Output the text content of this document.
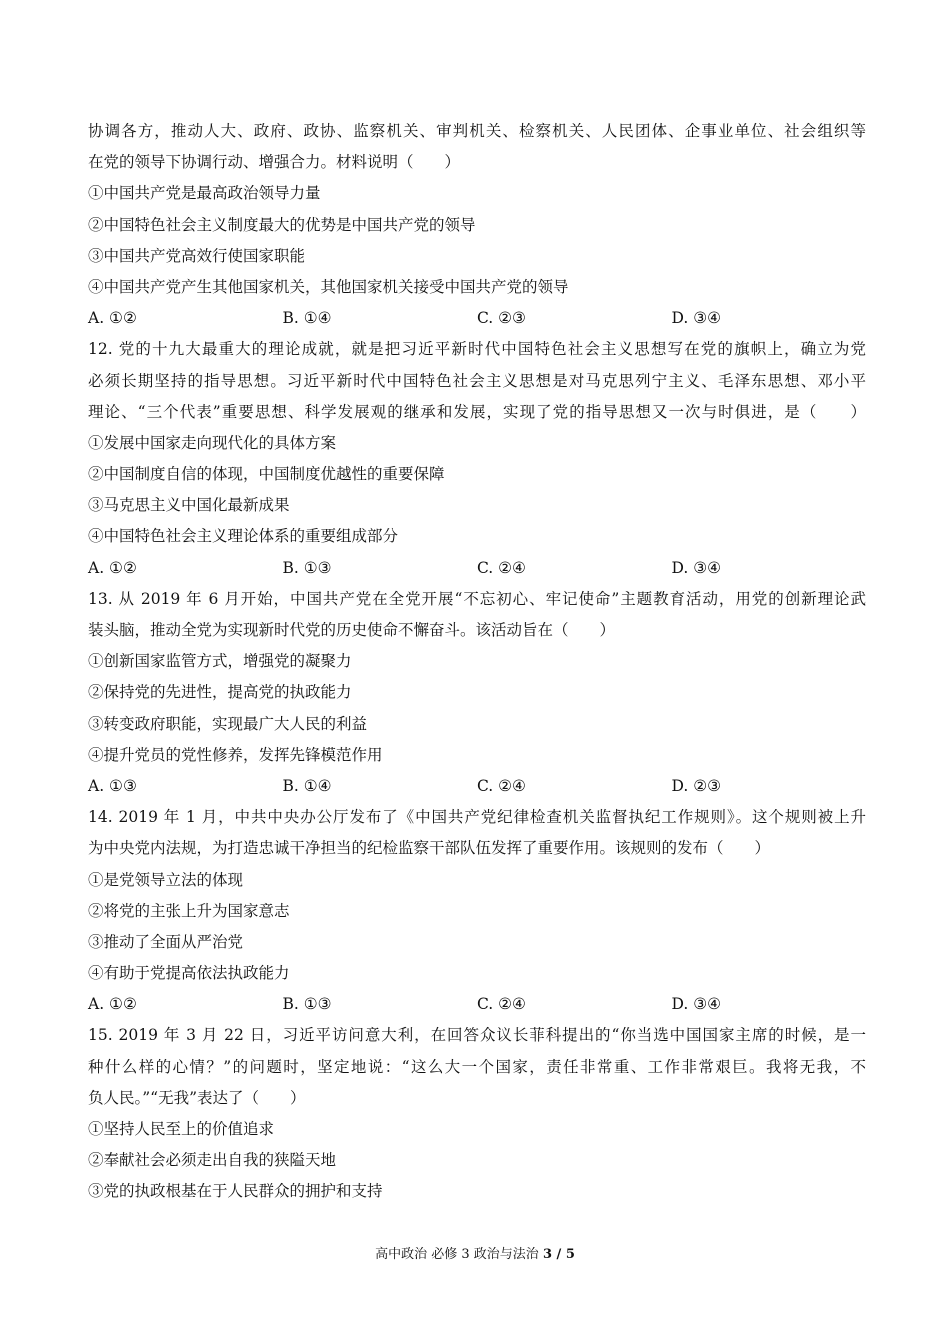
协调各方，推动人大、政府、政协、监察机关、审判机关、检察机关、人民团体、企事业单位、社会组织等
在党的领导下协调行动、增强合力。材料说明（　　）
①中国共产党是最高政治领导力量
②中国特色社会主义制度最大的优势是中国共产党的领导
③中国共产党高效行使国家职能
④中国共产党产生其他国家机关，其他国家机关接受中国共产党的领导
A. ①②	B. ①④	C. ②③	D. ③④
12. 党的十九大最重大的理论成就，就是把习近平新时代中国特色社会主义思想写在党的旗帜上，确立为党
必须长期坚持的指导思想。习近平新时代中国特色社会主义思想是对马克思列宁主义、毛泽东思想、邓小平
理论、“三个代表”重要思想、科学发展观的继承和发展，实现了党的指导思想又一次与时俱进，是（　　）
①发展中国家走向现代化的具体方案
②中国制度自信的体现，中国制度优越性的重要保障
③马克思主义中国化最新成果
④中国特色社会主义理论体系的重要组成部分
A. ①②	B. ①③	C. ②④	D. ③④
13. 从 2019 年 6 月开始，中国共产党在全党开展“不忘初心、牢记使命”主题教育活动，用党的创新理论武
装头脑，推动全党为实现新时代党的历史使命不懈奋斗。该活动旨在（　　）
①创新国家监管方式，增强党的凝聚力
②保持党的先进性，提高党的执政能力
③转变政府职能，实现最广大人民的利益
④提升党员的党性修养，发挥先锋模范作用
A. ①③	B. ①④	C. ②④	D. ②③
14. 2019 年 1 月，中共中央办公厅发布了《中国共产党纪律检查机关监督执纪工作规则》。这个规则被上升
为中央党内法规，为打造忠诚干净担当的纪检监察干部队伍发挥了重要作用。该规则的发布（　　）
①是党领导立法的体现
②将党的主张上升为国家意志
③推动了全面从严治党
④有助于党提高依法执政能力
A. ①②	B. ①③	C. ②④	D. ③④
15. 2019 年 3 月 22 日，习近平访问意大利，在回答众议长菲科提出的“你当选中国国家主席的时候，是一
种什么样的心情？”的问题时，坚定地说：“这么大一个国家，责任非常重、工作非常艰巨。我将无我，不
负人民。”“无我”表达了（　　）
①坚持人民至上的价值追求
②奉献社会必须走出自我的狭隘天地
③党的执政根基在于人民群众的拥护和支持
高中政治 必修 3 政治与法治 3 / 5
